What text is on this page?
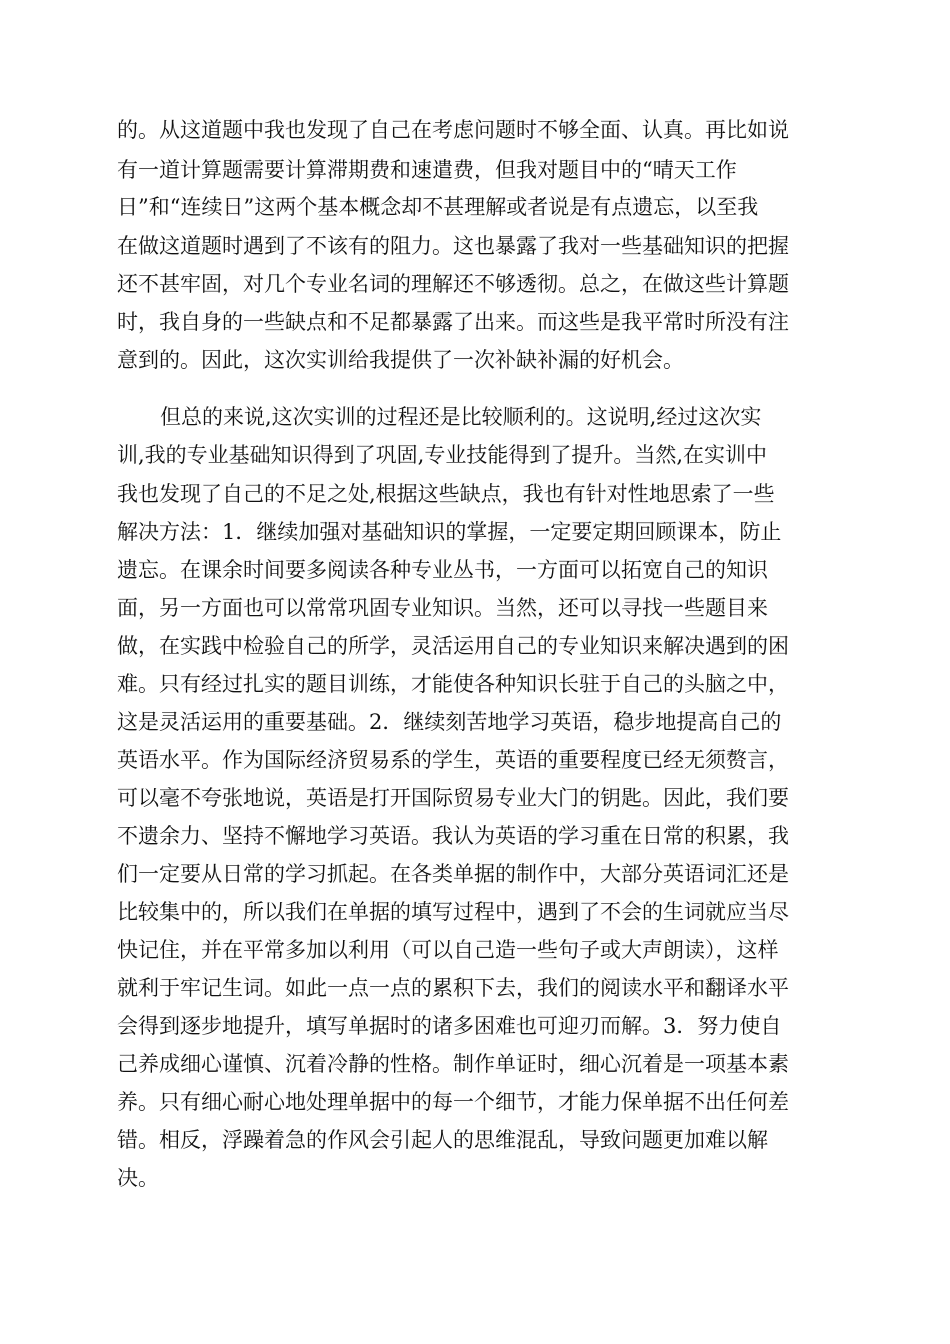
的。从这道题中我也发现了自己在考虑问题时不够全面、认真。再比如说
有一道计算题需要计算滞期费和速遣费，但我对题目中的“晴天工作
日”和“连续日”这两个基本概念却不甚理解或者说是有点遗忘，以至我
在做这道题时遇到了不该有的阻力。这也暴露了我对一些基础知识的把握
还不甚牢固，对几个专业名词的理解还不够透彻。总之，在做这些计算题
时，我自身的一些缺点和不足都暴露了出来。而这些是我平常时所没有注
意到的。因此，这次实训给我提供了一次补缺补漏的好机会。
但总的来说,这次实训的过程还是比较顺利的。这说明,经过这次实
训,我的专业基础知识得到了巩固,专业技能得到了提升。当然,在实训中
我也发现了自己的不足之处,根据这些缺点，我也有针对性地思索了一些
解决方法：1．继续加强对基础知识的掌握，一定要定期回顾课本，防止
遗忘。在课余时间要多阅读各种专业丛书，一方面可以拓宽自己的知识
面，另一方面也可以常常巩固专业知识。当然，还可以寻找一些题目来
做，在实践中检验自己的所学，灵活运用自己的专业知识来解决遇到的困
难。只有经过扎实的题目训练，才能使各种知识长驻于自己的头脑之中，
这是灵活运用的重要基础。2．继续刻苦地学习英语，稳步地提高自己的
英语水平。作为国际经济贸易系的学生，英语的重要程度已经无须赘言，
可以毫不夸张地说，英语是打开国际贸易专业大门的钥匙。因此，我们要
不遗余力、坚持不懈地学习英语。我认为英语的学习重在日常的积累，我
们一定要从日常的学习抓起。在各类单据的制作中，大部分英语词汇还是
比较集中的，所以我们在单据的填写过程中，遇到了不会的生词就应当尽
快记住，并在平常多加以利用（可以自己造一些句子或大声朗读），这样
就利于牢记生词。如此一点一点的累积下去，我们的阅读水平和翻译水平
会得到逐步地提升，填写单据时的诸多困难也可迎刃而解。3．努力使自
己养成细心谨慎、沉着冷静的性格。制作单证时，细心沉着是一项基本素
养。只有细心耐心地处理单据中的每一个细节，才能力保单据不出任何差
错。相反，浮躁着急的作风会引起人的思维混乱，导致问题更加难以解
决。
